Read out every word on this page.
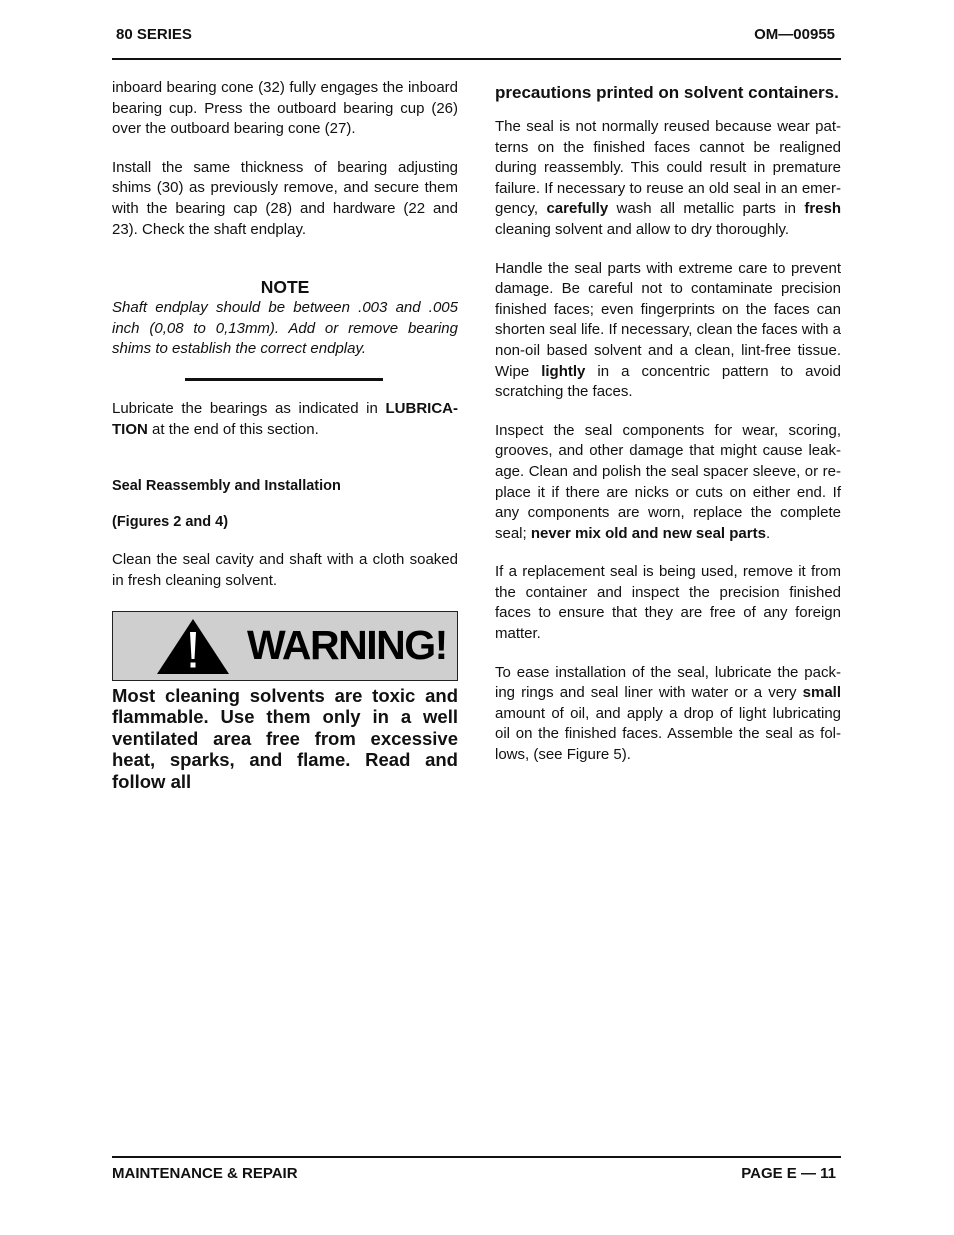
80 SERIES	OM—00955

inboard bearing cone (32) fully engages the inboard bearing cup. Press the outboard bearing cup (26) over the outboard bearing cone (27).

Install the same thickness of bearing adjusting shims (30) as previously remove, and secure them with the bearing cap (28) and hardware (22 and 23). Check the shaft endplay.

NOTE

Shaft endplay should be between .003 and .005 inch (0,08 to 0,13mm). Add or remove bearing shims to establish the correct endplay.

Lubricate the bearings as indicated in LUBRICA-TION at the end of this section.

Seal Reassembly and Installation
(Figures 2 and 4)

Clean the seal cavity and shaft with a cloth soaked in fresh cleaning solvent.

WARNING!

Most cleaning solvents are toxic and flammable. Use them only in a well ventilated area free from excessive heat, sparks, and flame. Read and follow all

precautions printed on solvent containers.

The seal is not normally reused because wear patterns on the finished faces cannot be realigned during reassembly. This could result in premature failure. If necessary to reuse an old seal in an emergency, carefully wash all metallic parts in fresh cleaning solvent and allow to dry thoroughly.

Handle the seal parts with extreme care to prevent damage. Be careful not to contaminate precision finished faces; even fingerprints on the faces can shorten seal life. If necessary, clean the faces with a non-oil based solvent and a clean, lint-free tissue. Wipe lightly in a concentric pattern to avoid scratching the faces.

Inspect the seal components for wear, scoring, grooves, and other damage that might cause leakage. Clean and polish the seal spacer sleeve, or replace it if there are nicks or cuts on either end. If any components are worn, replace the complete seal; never mix old and new seal parts.

If a replacement seal is being used, remove it from the container and inspect the precision finished faces to ensure that they are free of any foreign matter.

To ease installation of the seal, lubricate the packing rings and seal liner with water or a very small amount of oil, and apply a drop of light lubricating oil on the finished faces. Assemble the seal as follows, (see Figure 5).

MAINTENANCE & REPAIR	PAGE E — 11
